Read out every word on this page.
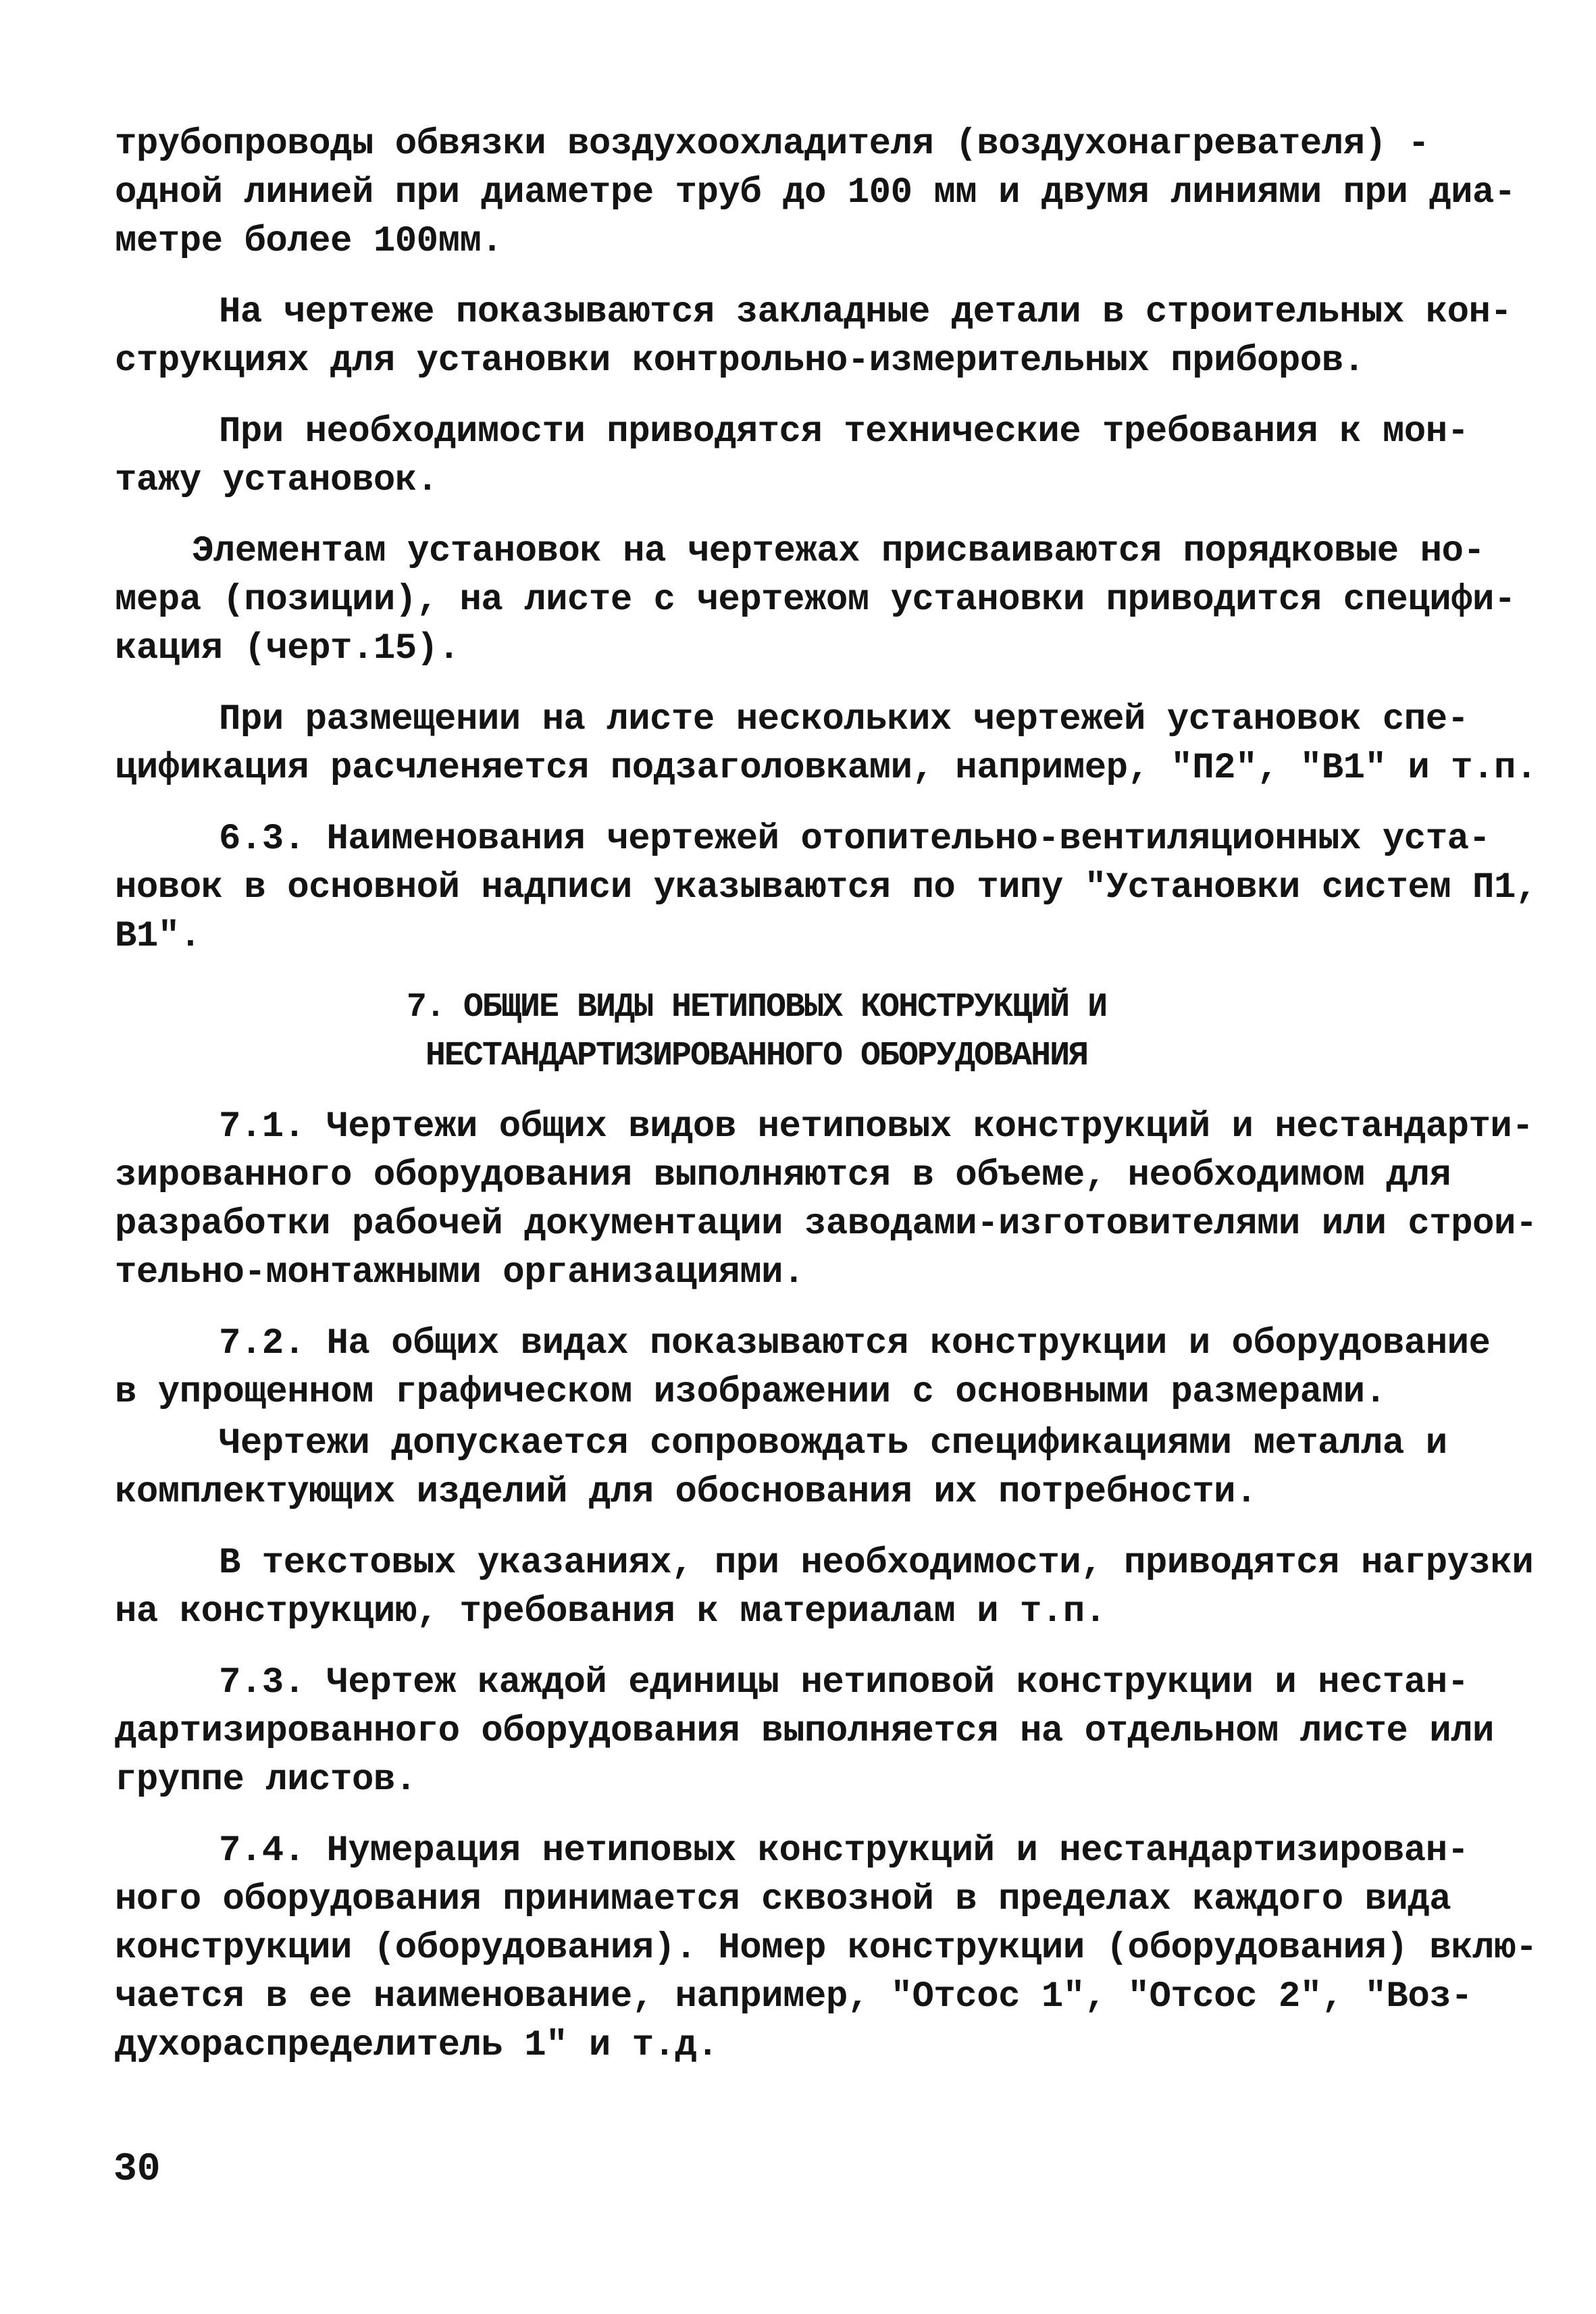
трубопроводы обвязки воздухоохладителя (воздухонагревателя) -
одной линией при диаметре труб до 100 мм и двумя линиями при диа-
метре более 100мм.
На чертеже показываются закладные детали в строительных кон-
струкциях для установки контрольно-измерительных приборов.
При необходимости приводятся технические требования к мон-
тажу установок.
Элементам установок на чертежах присваиваются порядковые но-
мера (позиции), на листе с чертежом установки приводится специфи-
кация (черт.15).
При размещении на листе нескольких чертежей установок спе-
цификация расчленяется подзаголовками, например, "П2", "В1" и т.п.
6.3. Наименования чертежей отопительно-вентиляционных уста-
новок в основной надписи указываются по типу "Установки систем П1,
В1".
7. ОБЩИЕ ВИДЫ НЕТИПОВЫХ КОНСТРУКЦИЙ И
НЕСТАНДАРТИЗИРОВАННОГО ОБОРУДОВАНИЯ
7.1. Чертежи общих видов нетиповых конструкций и нестандарти-
зированного оборудования выполняются в объеме, необходимом для
разработки рабочей документации заводами-изготовителями или строи-
тельно-монтажными организациями.
7.2. На общих видах показываются конструкции и оборудование
в упрощенном графическом изображении с основными размерами.
Чертежи допускается сопровождать спецификациями металла и
комплектующих изделий для обоснования их потребности.
В текстовых указаниях, при необходимости, приводятся нагрузки
на конструкцию, требования к материалам и т.п.
7.3. Чертеж каждой единицы нетиповой конструкции и нестан-
дартизированного оборудования выполняется на отдельном листе или
группе листов.
7.4. Нумерация нетиповых конструкций и нестандартизирован-
ного оборудования принимается сквозной в пределах каждого вида
конструкции (оборудования). Номер конструкции (оборудования) вклю-
чается в ее наименование, например, "Отсос 1", "Отсос 2", "Воз-
духораспределитель 1" и т.д.
30
